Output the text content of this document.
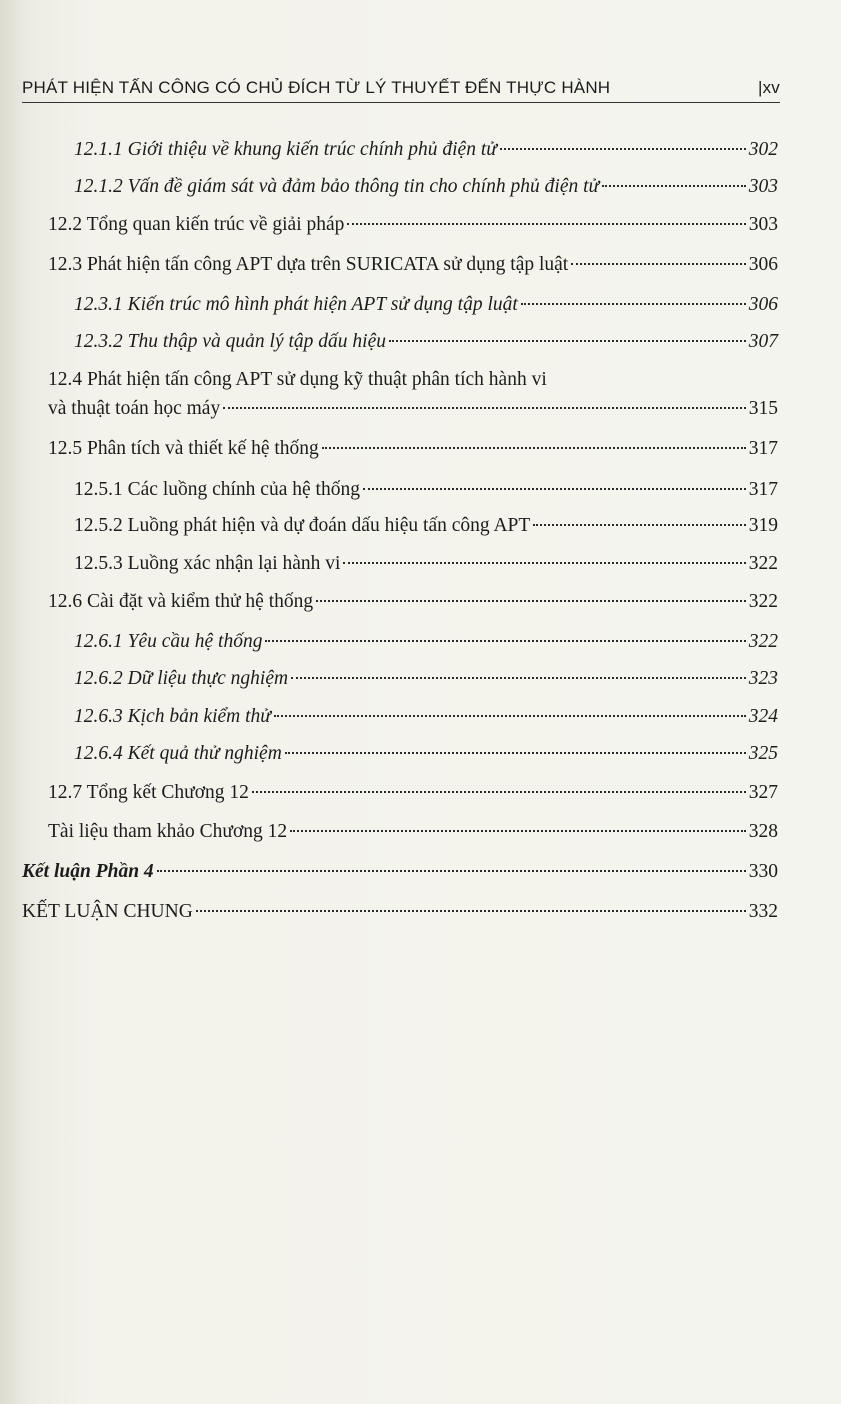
PHÁT HIỆN TẤN CÔNG CÓ CHỦ ĐÍCH TỪ LÝ THUYẾT ĐẾN THỰC HÀNH	|xv
12.1.1 Giới thiệu về khung kiến trúc chính phủ điện tử	302
12.1.2 Vấn đề giám sát và đảm bảo thông tin cho chính phủ điện tử	303
12.2 Tổng quan kiến trúc về giải pháp	303
12.3 Phát hiện tấn công APT dựa trên SURICATA sử dụng tập luật	306
12.3.1 Kiến trúc mô hình phát hiện APT sử dụng tập luật	306
12.3.2 Thu thập và quản lý tập dấu hiệu	307
12.4 Phát hiện tấn công APT sử dụng kỹ thuật phân tích hành vi
và thuật toán học máy	315
12.5 Phân tích và thiết kế hệ thống	317
12.5.1 Các luồng chính của hệ thống	317
12.5.2 Luồng phát hiện và dự đoán dấu hiệu tấn công APT	319
12.5.3 Luồng xác nhận lại hành vi	322
12.6 Cài đặt và kiểm thử hệ thống	322
12.6.1 Yêu cầu hệ thống	322
12.6.2 Dữ liệu thực nghiệm	323
12.6.3 Kịch bản kiểm thử	324
12.6.4 Kết quả thử nghiệm	325
12.7 Tổng kết Chương 12	327
Tài liệu tham khảo Chương 12	328
Kết luận Phần 4	330
KẾT LUẬN CHUNG	332
